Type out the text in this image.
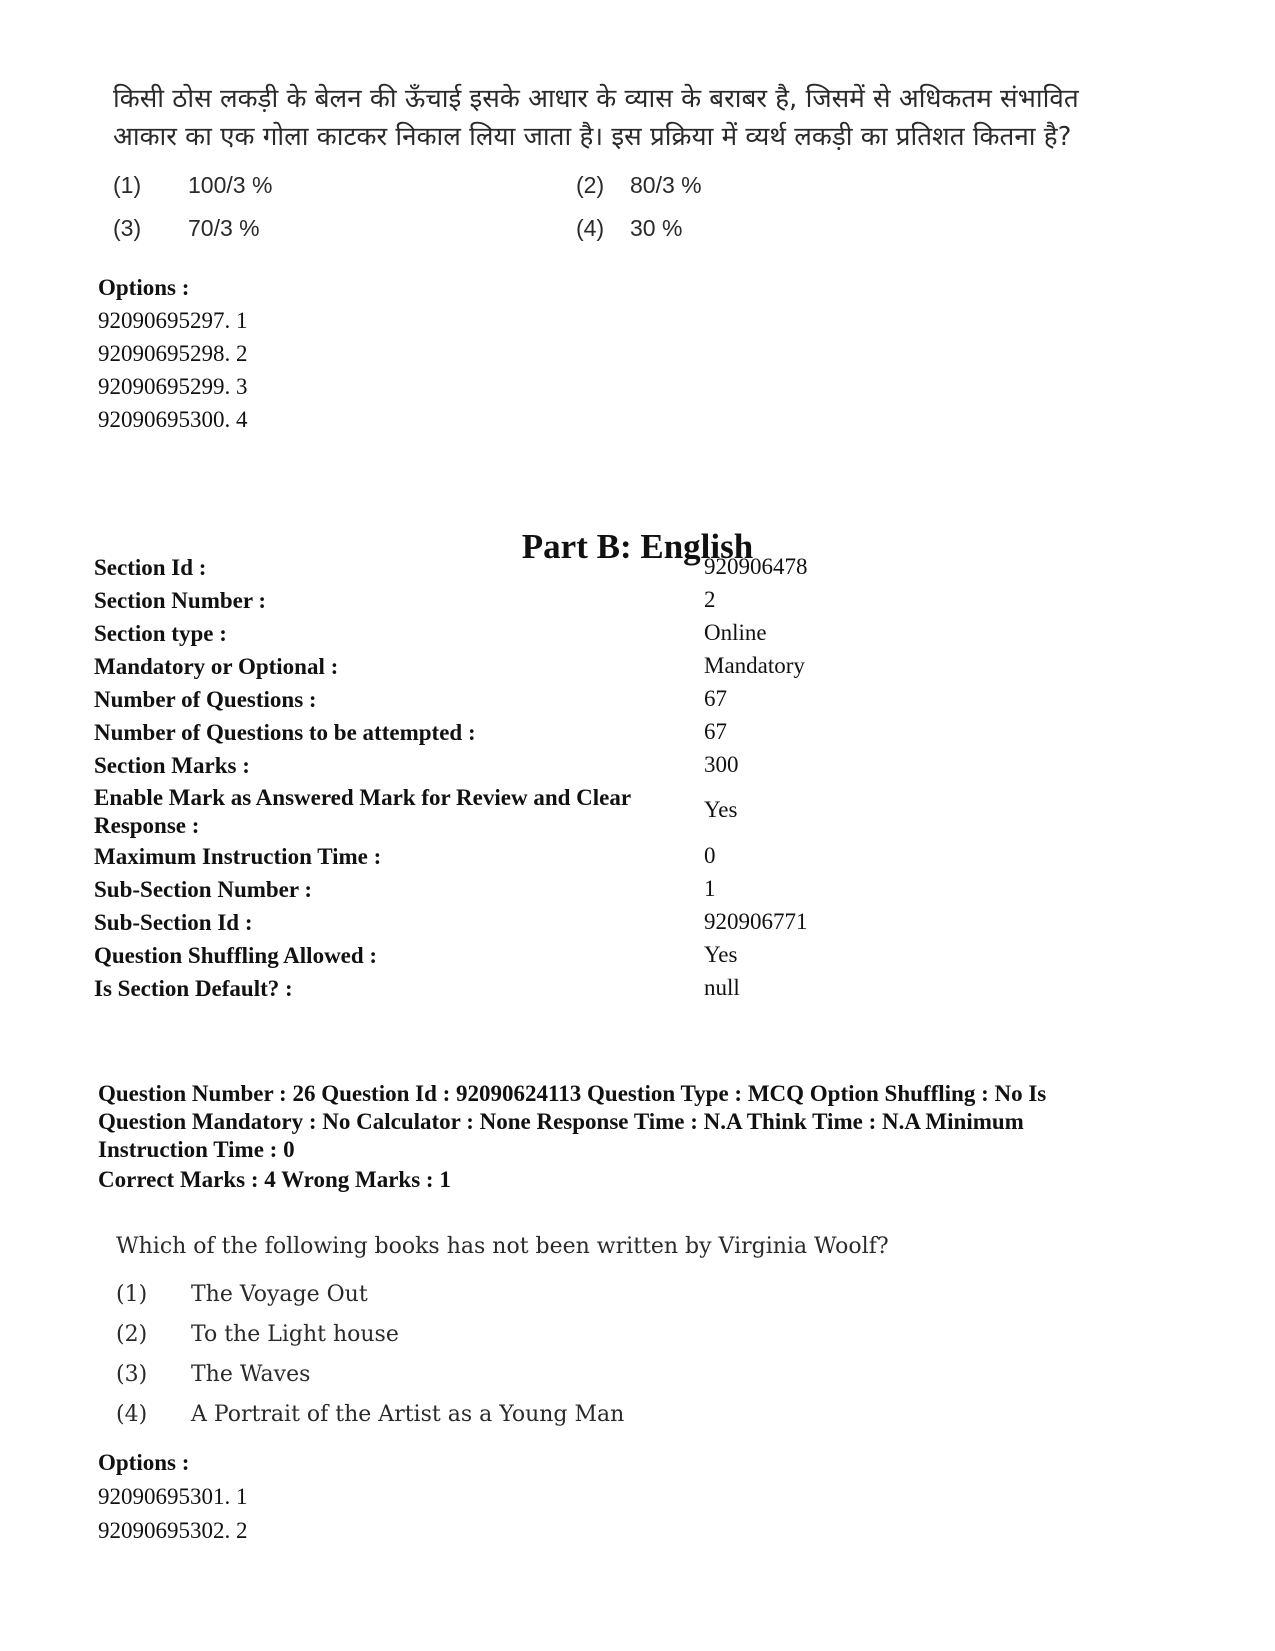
किसी ठोस लकड़ी के बेलन की ऊँचाई इसके आधार के व्यास के बराबर है, जिसमें से अधिकतम संभावित
आकार का एक गोला काटकर निकाल लिया जाता है। इस प्रक्रिया में व्यर्थ लकड़ी का प्रतिशत कितना है?
(1) 100/3 %	(2) 80/3 %
(3) 70/3 %	(4) 30 %
Options :
92090695297. 1
92090695298. 2
92090695299. 3
92090695300. 4
Part B: English
Section Id :	920906478
Section Number :	2
Section type :	Online
Mandatory or Optional :	Mandatory
Number of Questions :	67
Number of Questions to be attempted :	67
Section Marks :	300
Enable Mark as Answered Mark for Review and Clear Response :
Yes
Maximum Instruction Time :	0
Sub-Section Number :	1
Sub-Section Id :	920906771
Question Shuffling Allowed :	Yes
Is Section Default? :	null
Question Number : 26 Question Id : 92090624113 Question Type : MCQ Option Shuffling : No Is Question Mandatory : No Calculator : None Response Time : N.A Think Time : N.A Minimum Instruction Time : 0
Correct Marks : 4 Wrong Marks : 1
Which of the following books has not been written by Virginia Woolf?
(1) The Voyage Out
(2) To the Light house
(3) The Waves
(4) A Portrait of the Artist as a Young Man
Options :
92090695301. 1
92090695302. 2
